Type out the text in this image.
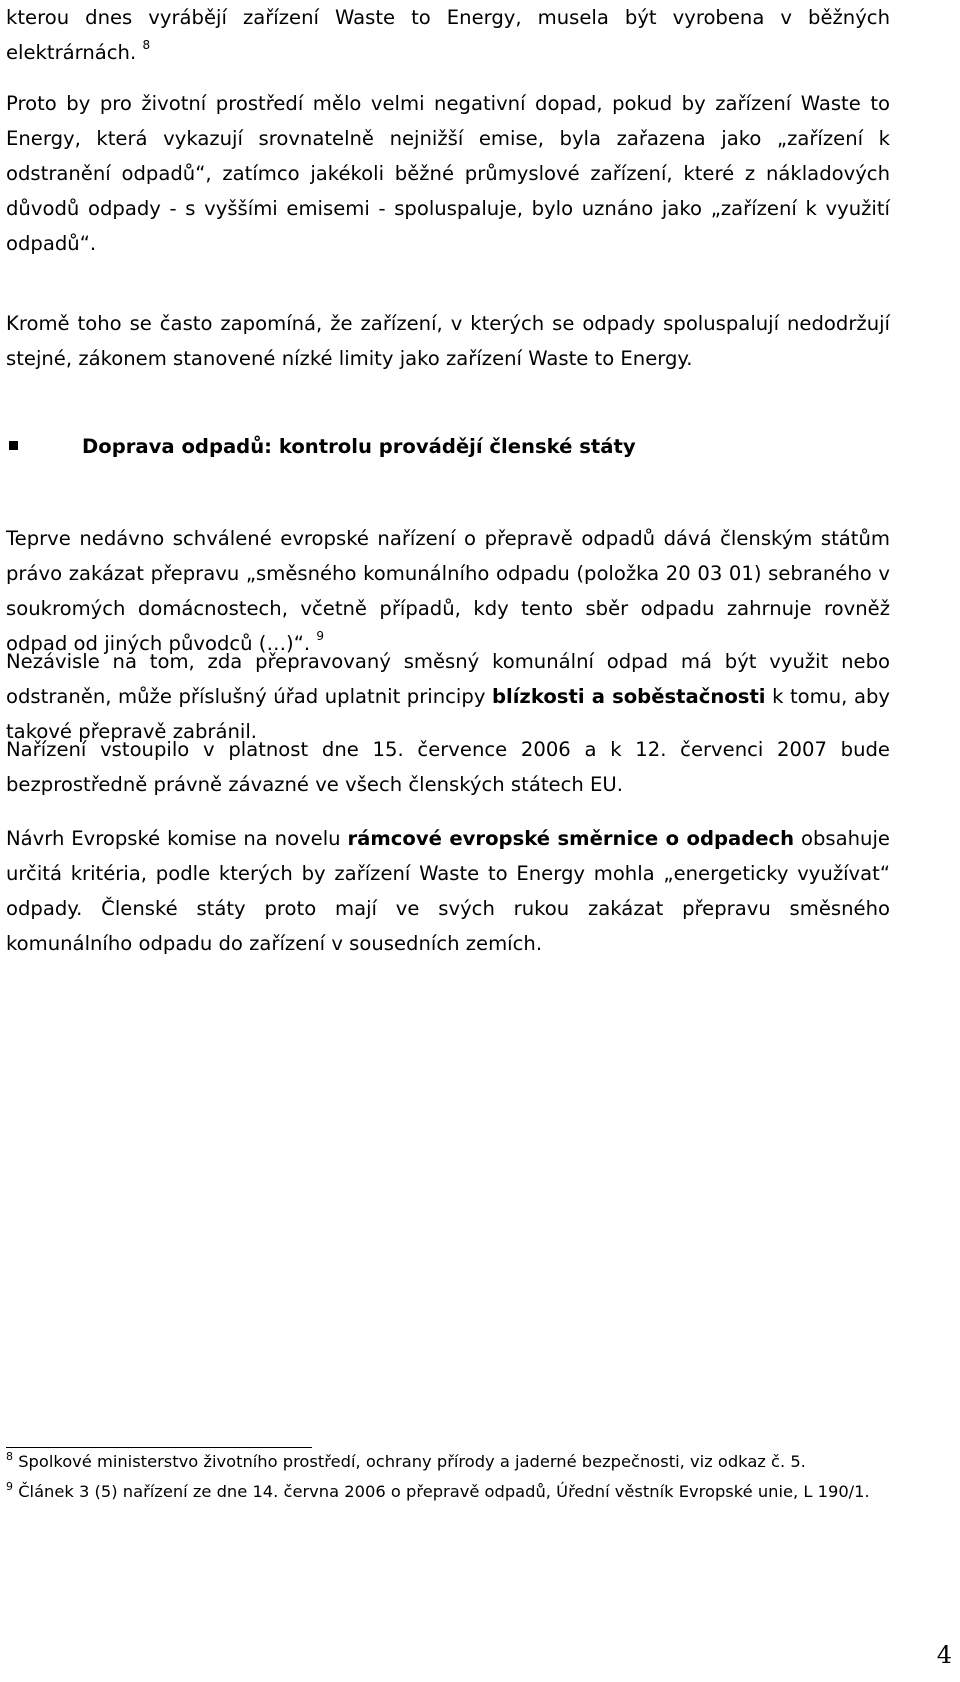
kterou dnes vyrábějí zařízení Waste to Energy, musela být vyrobena v běžných elektrárnách. $^8$

Proto by pro životní prostředí mělo velmi negativní dopad, pokud by zařízení Waste to Energy, která vykazují srovnatelně nejnižší emise, byla zařazena jako „zařízení k odstranění odpadů“, zatímco jakékoli běžné průmyslové zařízení, které z nákladových důvodů odpady - s vyššími emisemi - spoluspaluje, bylo uznáno jako „zařízení k využití odpadů“.

Kromě toho se často zapomíná, že zařízení, v kterých se odpady spoluspalují nedodržují stejné, zákonem stanovené nízké limity jako zařízení Waste to Energy.

Doprava odpadů: kontrolu provádějí členské státy

Teprve nedávno schválené evropské nařízení o přepravě odpadů dává členským státům právo zakázat přepravu „směsného komunálního odpadu (položka 20 03 01) sebraného v soukromých domácnostech, včetně případů, kdy tento sběr odpadu zahrnuje rovněž odpad od jiných původců (…)“. $^9$

Nezávisle na tom, zda přepravovaný směsný komunální odpad má být využit nebo odstraněn, může příslušný úřad uplatnit principy blízkosti a soběstačnosti k tomu, aby takové přepravě zabránil.

Nařízení vstoupilo v platnost dne 15. července 2006 a k 12. červenci 2007 bude bezprostředně právně závazné ve všech členských státech EU.

Návrh Evropské komise na novelu rámcové evropské směrnice o odpadech obsahuje určitá kritéria, podle kterých by zařízení Waste to Energy mohla „energeticky využívat“ odpady. Členské státy proto mají ve svých rukou zakázat přepravu směsného komunálního odpadu do zařízení v sousedních zemích.

$^8$ Spolkové ministerstvo životního prostředí, ochrany přírody a jaderné bezpečnosti, viz odkaz č. 5.

$^9$ Článek 3 (5) nařízení ze dne 14. června 2006 o přepravě odpadů, Úřední věstník Evropské unie, L 190/1.

4
